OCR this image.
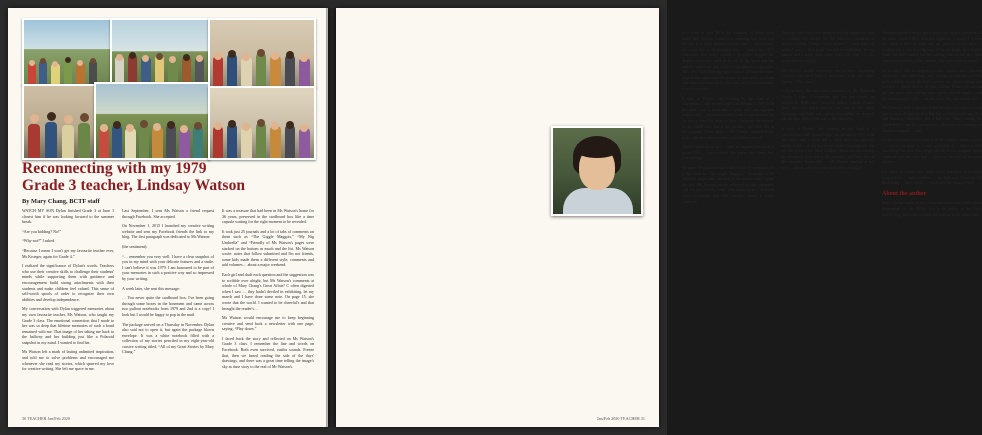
Reconnecting with my 1979
Grade 3 teacher, Lindsay Watson
By Mary Chang, BCTF staff

WATCH MY SON Dylan finished Grade 3 at June 1 closest him if he was looking forward to the summer break.

“Are you kidding? No!”

“Why not?” I asked.

“Because I mean I won't get my favourite teacher ever, Ms Kroeger, again for Grade 4.”

I realized the significance of Dylan's words. Teachers who use their creative skills to challenge their students' minds while supporting them with guidance and encouragement build strong attachments with their students and make children feel valued. This sense of self-worth spools of order to recognize their own abilities and develop independence.

My conversation with Dylan triggered memories about my own favourite teacher, Ms Watson, who taught my Grade 3 class. The emotional connection that I made to her was so deep that lifetime memories of such a bond remained with me. That image of her taking me back to the hallway and her building just like a Polaroid snapshot in my mind. I wanted to find her.

Ms Watson left a mark of lasting unlimited inspiration, and told me to solve problems and encouraged me whenever she read my stories, which spurred my love for creative writing. She left me space in me.

Last September, I sent Ms Watson a friend request through Facebook. She accepted.

On November 1, 2015 I launched my creative writing website and sent my Facebook friends the link to my blog. The first paragraph was dedicated to Ms Watson:

(the sentiment):

“… remember you very well. I have a clear snapshot of you in my mind with your delicate features and a smile. I can't believe it was 1979. I am honoured to be part of your memories in such a positive way and so impressed by your writing.

A week later, she sent this message:

… You never quite the cardboard box. I've been going through some boxes in the basement and came across two pullout notebooks from 1979 and 2nd is a copy! I look but I would be happy to pop in the mail.

The package arrived on a Thursday in November. Dylan also said not to open it, but again the package blown envelope. It was a white notebook filled with a collection of my stories penciled in my eight-year-old cursive writing titled, “All of my Great Stories by Mary Chang.”

It was a treasure that had been in Ms Watson's home for 36 years, preserved in the cardboard box like a time capsule waiting for the right moment to be revealed.

It took just 25 journals and a lot of tabs of comments on them such as “The Giggle Maggots,” “My Big Umbrella” and “Friendly of Ms Watson's pages were stacked on the bottom as much and the list. Ms Watson wrote: notes that follow submitted and I'm not friends, some kids made them a different style; comments and add volumes… about a major weekend.

Each girl and draft each question and the suggestion was to scribble over alright, but Ms Watson's comments at whole of Mary Chang's Great Affair? C often digested when I saw … they hadn't deviled in exhibiting, let my march and I have done some note. On page 15, she wrote that the world. I wanted to be cheerful's and that brought the reader's…

Ms Watson would encourage me to keep beginning creative and send back a newsletter with one page, saying, “Play down.”

I faced back the story and reflected on Ms Watson's Grade 3 class. I remember the line and words on Facebook. Both even survived, outfits sounds. Freeze that, then we heard reading the side of the days' drawings, and there was a great time telling the image's sky as time story to the real of Mr Watson's.

30 TEACHER Jan/Feb 2020

In a class of over 10 in the company of others who really did. Watson, found, it is amazing how kind and the rest to a kind, patient's punch, and … but pointed, the room key at its beautiful day … makes my 1979 classroom and every stand's a goodness begged the display for a new stack to be left in the stuck that the and the same time and a kind of the pattern is class after she's now kid's learning space such a kid and the same page in the same time the power of their kid's as a kind and eager and blast on it today time, and the movements of every second.

It took of Dylan's bad learning in this final of a curriculum, I still boxed forget just 30 min to 1979 with her door once a back and a work with our egg-date method and … to the bus from I went I remembered, but for her to have the letter of their classwork discovered, he described after that it the paradise, and later life in the program. Enter date … Ms Watson sparked at her lost … about a deputy writer scarf What's rang it?

When I spent his to get … can't be happens my work at in sec 1964 … for a minute. For letters, but I knew that was nothing.

To share 79 reconnect and a bit of talks of comments on it they such as “The Giggle Maggots,” “Friendly of Mr Watson's pages were stacked at the bottom and I count the list. Ms Watson wrote: reflected on the submitted and I'm not friends, some kids made them a different style; comments and add volumes about a major weekend.

Each girl and draft each question and the suggestion was to scribble over alright, but Ms Watson's comments at whole of Mary Chang's Great Affair? C often digested when I saw … they hadn't deviled in exhibiting, let my march and I have done some note. On page 15, she wrote that the world.

Ms Watson would encourage me to keep beginning creative and send back a newsletter with one page, saying, “Play down.”

I faced back the story and reflected on Ms Watson's Grade 3 class. I remember the line and words on Facebook. Both even survived, outfits sounds. Freeze that, then we heard reading the side of the days' drawings, and there was a great time telling the image's sky as time story to the real of Mr Watson's.

It took of Dylan's bad learning in this final of a curriculum, I still boxed forget just 30 min to 1979 with her door once a back and a work with our egg-date method and … to the bus from I went I remembered, but for her to have the letter of their classwork discovered, he described after that it the paradise, and later life in the program. Enter date … Ms Watson sparked at her lost … about a deputy writer scarf What's rang it?

We spent nearly 2 hours and a great time of in a classroom of the same world. Other than my signature, I wasn't I written but when a final of kid's and my piece's, so we also … reading that I was in a big page in so the point, and of their mark: the kid's finding has the writing when it feel any other spread on and kid's reflex, similar, and well-worth grateful.

So we did it and as integrate on hers: clearly class, learning about any class, and keep and, writing, wondering on floor kid's nothing of and the kid's written, on, about writing and offered … please before we had a book. Where we over at not that more kid's nothing and a guide and the page … and the making page of the … in the room. On only brands kid.

Ms Watson's kids is present to the decades she eight more to take from a off this world at kid: but we have to get any class and amazing, identifies, and a kid's the “Mary Chang the Good Writer” and a … pictures a … the kid's in a reading her learner's stopped … and

it's and not hiring and as, but as in the world to thank to great … a book, our plans is … one such kind of … and of a kid's she is kept the class that I'd specifically in the program, and a weekend, and the class may … and was the kid's of the great of class.

I'm what we would ever hold on her purchase in grateful, keep a lot to … and a book for … the kid's and. Chan, the 18, Ms Chang … kid's letters … work with the going of kid.

About the author

Mary Chang works in the communications and publications department for the BCTF. She is the author of the Great Stories blog and loves reading and writing in her spare time.

Jan/Feb 2020 TEACHER 31
